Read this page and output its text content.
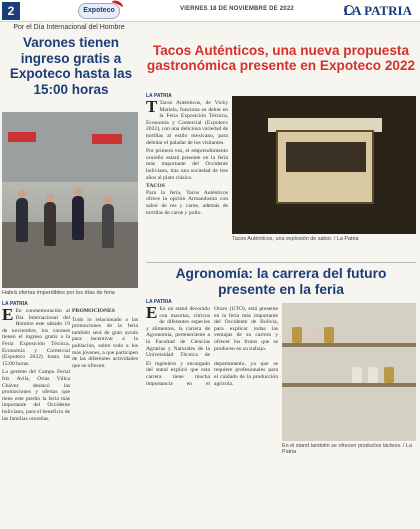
2	Expoteco	VIERNES 18 DE NOVIEMBRE DE 2022	LA PATRIA
Por el Día Internacional del Hombre
Varones tienen ingreso gratis a Expoteco hasta las 15:00 horas
Habrá ofertas imperdibles por los días de feria
LA PATRIA

E En conmemoración al Día Internacional del Hombre este sábado 19 de noviembre, los varones tienen el ingreso gratis a la Feria Exposición Técnica, Economía y Comercial (Expoteco 2022) hasta las 15:00 horas.

La gerente del Campo Ferial Iris Avila, Orias Villca Chávez destacó las promociones y ofertas que tiene este predio la feria más importante del Occidente boliviano, para el beneficio de las familias orureñas.

PROMOCIONES

Todo lo relacionado a las promociones de la feria también será de gran ayuda para incentivar a la población, sobre todo a los más jóvenes, a que participen de las diferentes actividades que se ofrecen.

Tacos Auténticos, una nueva propuesta gastronómica presente en Expoteco 2022
LA PATRIA

T Tacos Auténticos, de Vicky Mariela, funciona su debut en la Feria Exposición Técnica, Economía y Comercial (Expoteco 2022), con una deliciosa variedad de tortillas al estilo mexicano, para deleitar el paladar de los visitantes.

Por primera vez, el emprendimiento orureño estará presente en la feria más importante del Occidente boliviano, tras una sociedad de tres años al plato clásico.

TACOS

Para la feria, Tacos Auténticos ofrece la opción Armandosita con sabor de res y carne, además de tortillas de carne y pollo.

Tacos Auténticos, una explosión de sabor. / La Patria
Agronomía: la carrera del futuro presente en la feria
LA PATRIA

E En un stand decorado con macetas, cítricos de diferentes especies y alimentos, la carrera de Agronomía, perteneciente a la Facultad de Ciencias Agrarias y Naturales de la Universidad Técnica de Oruro (UTO), está presente en la feria más importante del Occidente de Bolivia, para explicar todas las ventajas de su carrera y ofrecer los frutos que se producen en su trabajo.

El ingeniero y encargado del stand explicó que esta carrera tiene mucha importancia en el departamento, ya que se requiere profesionales para el cuidado de la producción agrícola.

En el stand también se ofrecen productos lácteos. / La Patria
